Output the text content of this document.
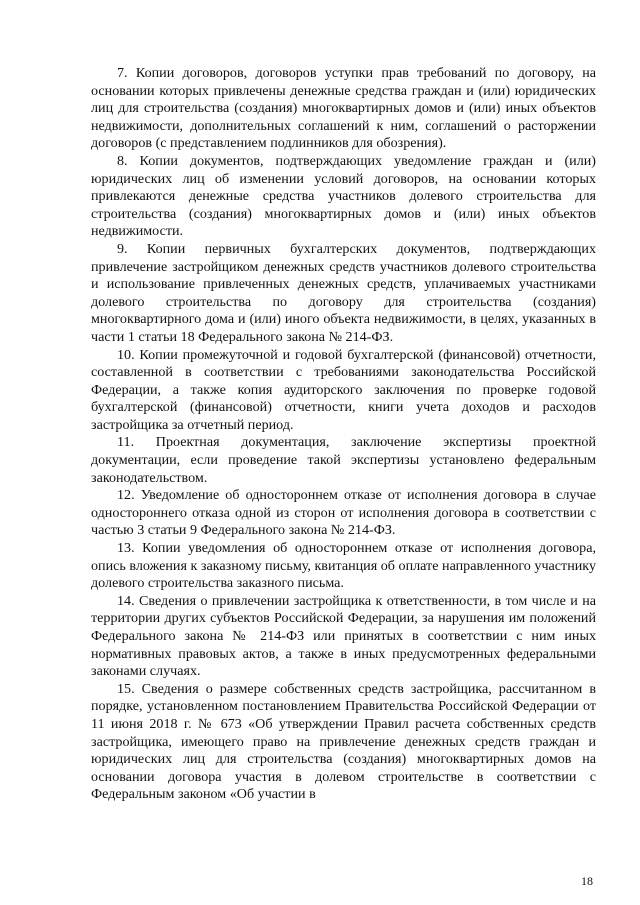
7. Копии договоров, договоров уступки прав требований по договору, на основании которых привлечены денежные средства граждан и (или) юридических лиц для строительства (создания) многоквартирных домов и (или) иных объектов недвижимости, дополнительных соглашений к ним, соглашений о расторжении договоров (с представлением подлинников для обозрения).

8. Копии документов, подтверждающих уведомление граждан и (или) юридических лиц об изменении условий договоров, на основании которых привлекаются денежные средства участников долевого строительства для строительства (создания) многоквартирных домов и (или) иных объектов недвижимости.

9. Копии первичных бухгалтерских документов, подтверждающих привлечение застройщиком денежных средств участников долевого строительства и использование привлеченных денежных средств, уплачиваемых участниками долевого строительства по договору для строительства (создания) многоквартирного дома и (или) иного объекта недвижимости, в целях, указанных в части 1 статьи 18 Федерального закона № 214-ФЗ.

10. Копии промежуточной и годовой бухгалтерской (финансовой) отчетности, составленной в соответствии с требованиями законодательства Российской Федерации, а также копия аудиторского заключения по проверке годовой бухгалтерской (финансовой) отчетности, книги учета доходов и расходов застройщика за отчетный период.

11. Проектная документация, заключение экспертизы проектной документации, если проведение такой экспертизы установлено федеральным законодательством.

12. Уведомление об одностороннем отказе от исполнения договора в случае одностороннего отказа одной из сторон от исполнения договора в соответствии с частью 3 статьи 9 Федерального закона № 214-ФЗ.

13. Копии уведомления об одностороннем отказе от исполнения договора, опись вложения к заказному письму, квитанция об оплате направленного участнику долевого строительства заказного письма.

14. Сведения о привлечении застройщика к ответственности, в том числе и на территории других субъектов Российской Федерации, за нарушения им положений Федерального закона № 214-ФЗ или принятых в соответствии с ним иных нормативных правовых актов, а также в иных предусмотренных федеральными законами случаях.

15. Сведения о размере собственных средств застройщика, рассчитанном в порядке, установленном постановлением Правительства Российской Федерации от 11 июня 2018 г. № 673 «Об утверждении Правил расчета собственных средств застройщика, имеющего право на привлечение денежных средств граждан и юридических лиц для строительства (создания) многоквартирных домов на основании договора участия в долевом строительстве в соответствии с Федеральным законом «Об участии в

18
